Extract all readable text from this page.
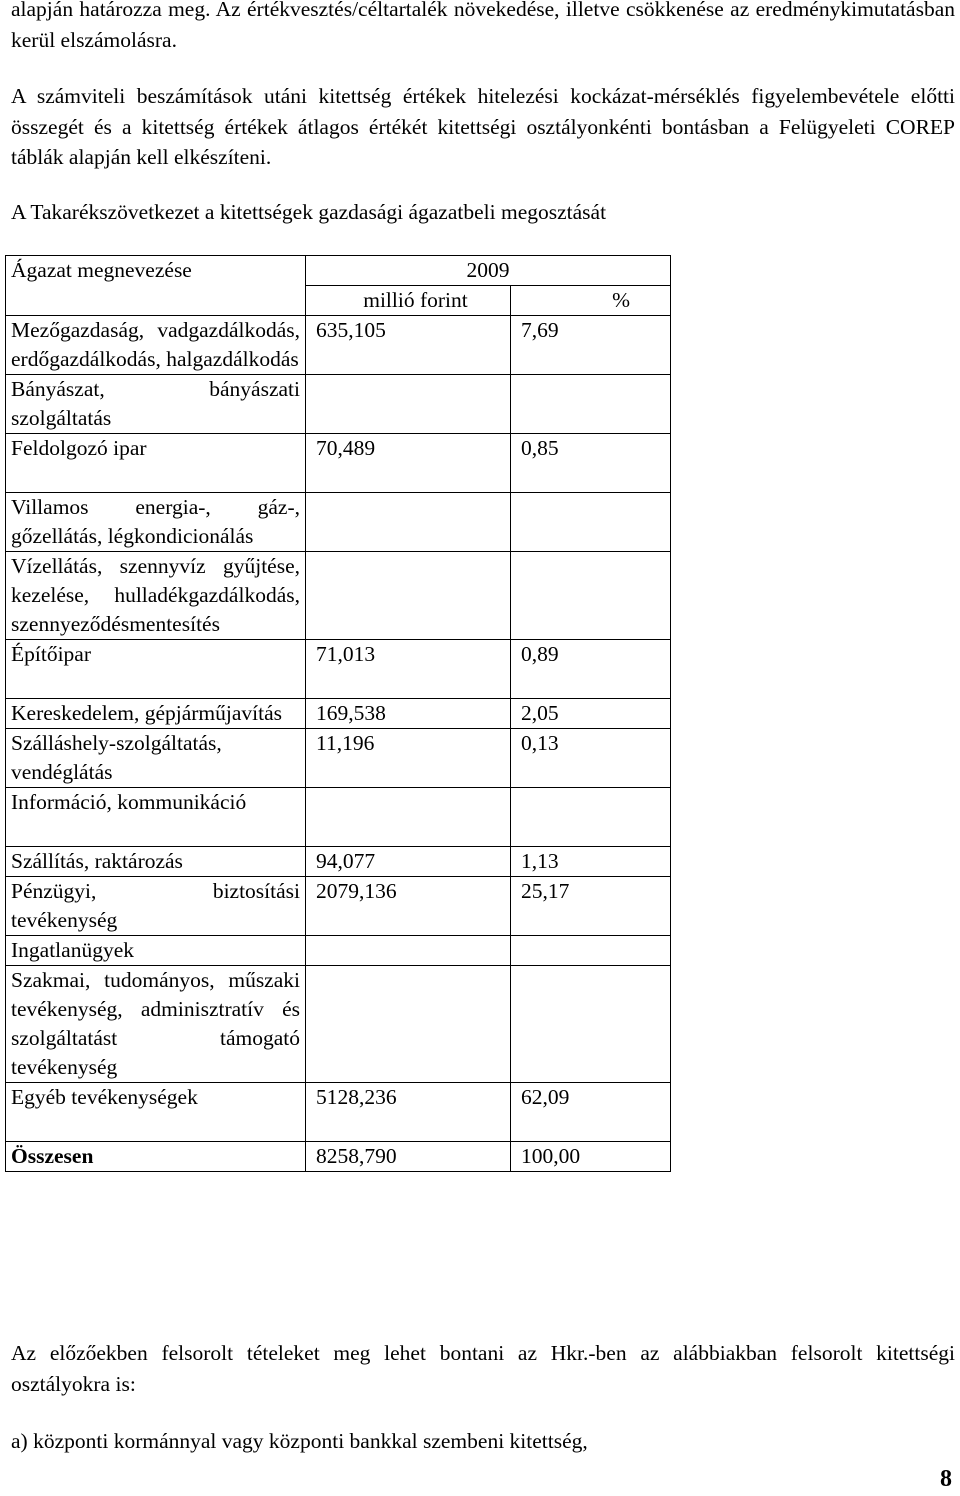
alapján határozza meg. Az értékvesztés/céltartalék növekedése, illetve csökkenése az eredménykimutatásban kerül elszámolásra.

A számviteli beszámítások utáni kitettség értékek hitelezési kockázat-mérséklés figyelembevétele előtti összegét és a kitettség értékek átlagos értékét kitettségi osztályonkénti bontásban a Felügyeleti COREP táblák alapján kell elkészíteni.

A Takarékszövetkezet a kitettségek gazdasági ágazatbeli megosztását

Ágazat megnevezése	2009	
	millió forint	%
Mezőgazdaság, vadgazdálkodás, erdőgazdálkodás, halgazdálkodás	635,105	7,69
Bányászat, bányászati szolgáltatás		
Feldolgozó ipar	70,489	0,85
Villamos energia-, gáz-, gőzellátás, légkondicionálás		
Vízellátás, szennyvíz gyűjtése, kezelése, hulladékgazdálkodás, szennyeződésmentesítés		
Építőipar	71,013	0,89
Kereskedelem, gépjárműjavítás	169,538	2,05
Szálláshely-szolgáltatás, vendéglátás	11,196	0,13
Információ, kommunikáció		
Szállítás, raktározás	94,077	1,13
Pénzügyi, biztosítási tevékenység	2079,136	25,17
Ingatlanügyek		
Szakmai, tudományos, műszaki tevékenység, adminisztratív és szolgáltatást támogató tevékenység		
Egyéb tevékenységek	5128,236	62,09
Összesen	8258,790	100,00

Az előzőekben felsorolt tételeket meg lehet bontani az Hkr.-ben az alábbiakban felsorolt kitettségi osztályokra is:

a) központi kormánnyal vagy központi bankkal szembeni kitettség,

8
